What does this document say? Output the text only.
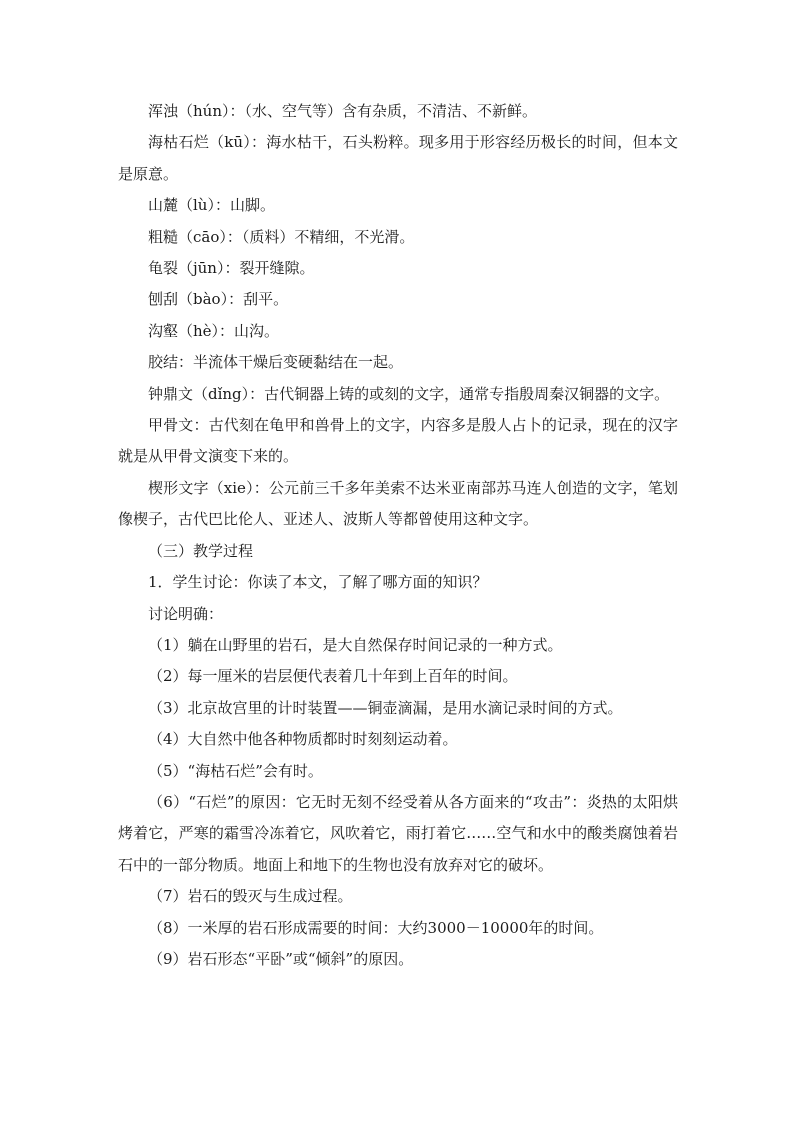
浑浊（hún）：（水、空气等）含有杂质，不清洁、不新鲜。

海枯石烂（kū）：海水枯干，石头粉粹。现多用于形容经历极长的时间，但本文是原意。

山麓（lù）：山脚。

粗糙（cāo）：（质料）不精细，不光滑。

龟裂（jūn）：裂开缝隙。

刨刮（bào）：刮平。

沟壑（hè）：山沟。

胶结：半流体干燥后变硬黏结在一起。

钟鼎文（dǐng）：古代铜器上铸的或刻的文字，通常专指殷周秦汉铜器的文字。

甲骨文：古代刻在龟甲和兽骨上的文字，内容多是殷人占卜的记录，现在的汉字就是从甲骨文演变下来的。

楔形文字（xie）：公元前三千多年美索不达米亚南部苏马连人创造的文字，笔划像楔子，古代巴比伦人、亚述人、波斯人等都曾使用这种文字。

（三）教学过程

1．学生讨论：你读了本文，了解了哪方面的知识？

讨论明确：

（1）躺在山野里的岩石，是大自然保存时间记录的一种方式。

（2）每一厘米的岩层便代表着几十年到上百年的时间。

（3）北京故宫里的计时装置——铜壶滴漏，是用水滴记录时间的方式。

（4）大自然中他各种物质都时时刻刻运动着。

（5）“海枯石烂”会有时。

（6）“石烂”的原因：它无时无刻不经受着从各方面来的“攻击”：炎热的太阳烘烤着它，严寒的霜雪冷冻着它，风吹着它，雨打着它……空气和水中的酸类腐蚀着岩石中的一部分物质。地面上和地下的生物也没有放弃对它的破坏。

（7）岩石的毁灭与生成过程。

（8）一米厚的岩石形成需要的时间：大约3000－10000年的时间。

（9）岩石形态“平卧”或“倾斜”的原因。
